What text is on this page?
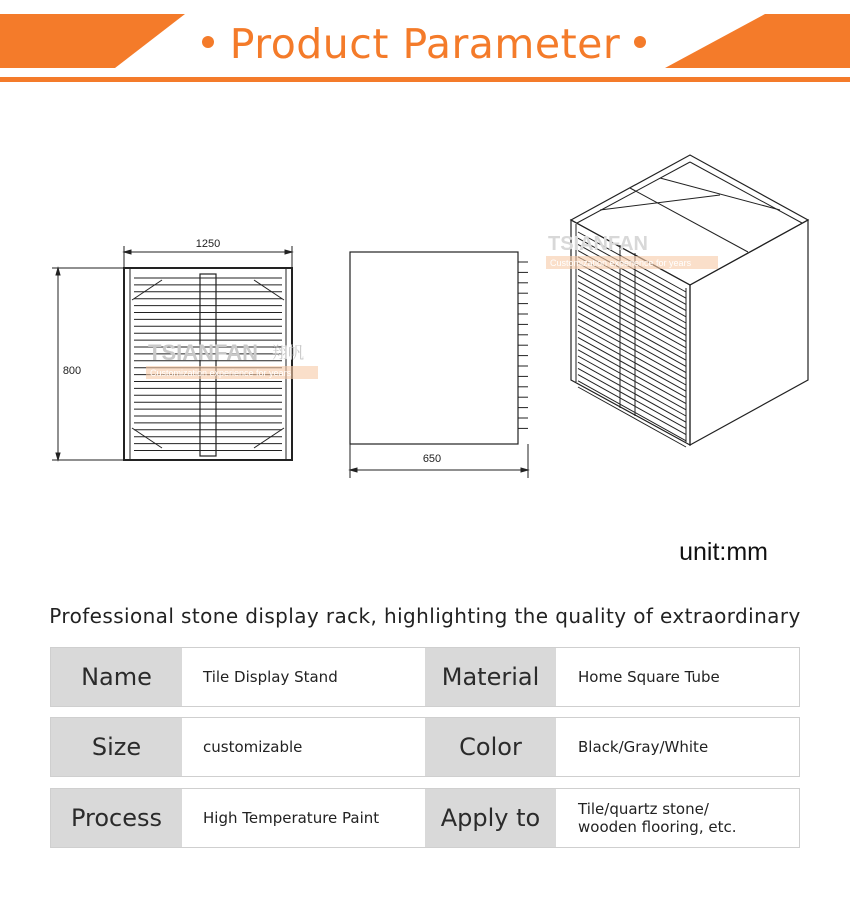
Product Parameter
1250
800
TSIANFAN 翔帆
Customization experience for years
650
TSIANFAN
Customization experience for years
unit:mm
Professional stone display rack, highlighting the quality of extraordinary
Name	Tile Display Stand	Material	Home Square Tube
Size	customizable	Color	Black/Gray/White
Process	High Temperature Paint	Apply to	Tile/quartz stone/
wooden flooring, etc.
